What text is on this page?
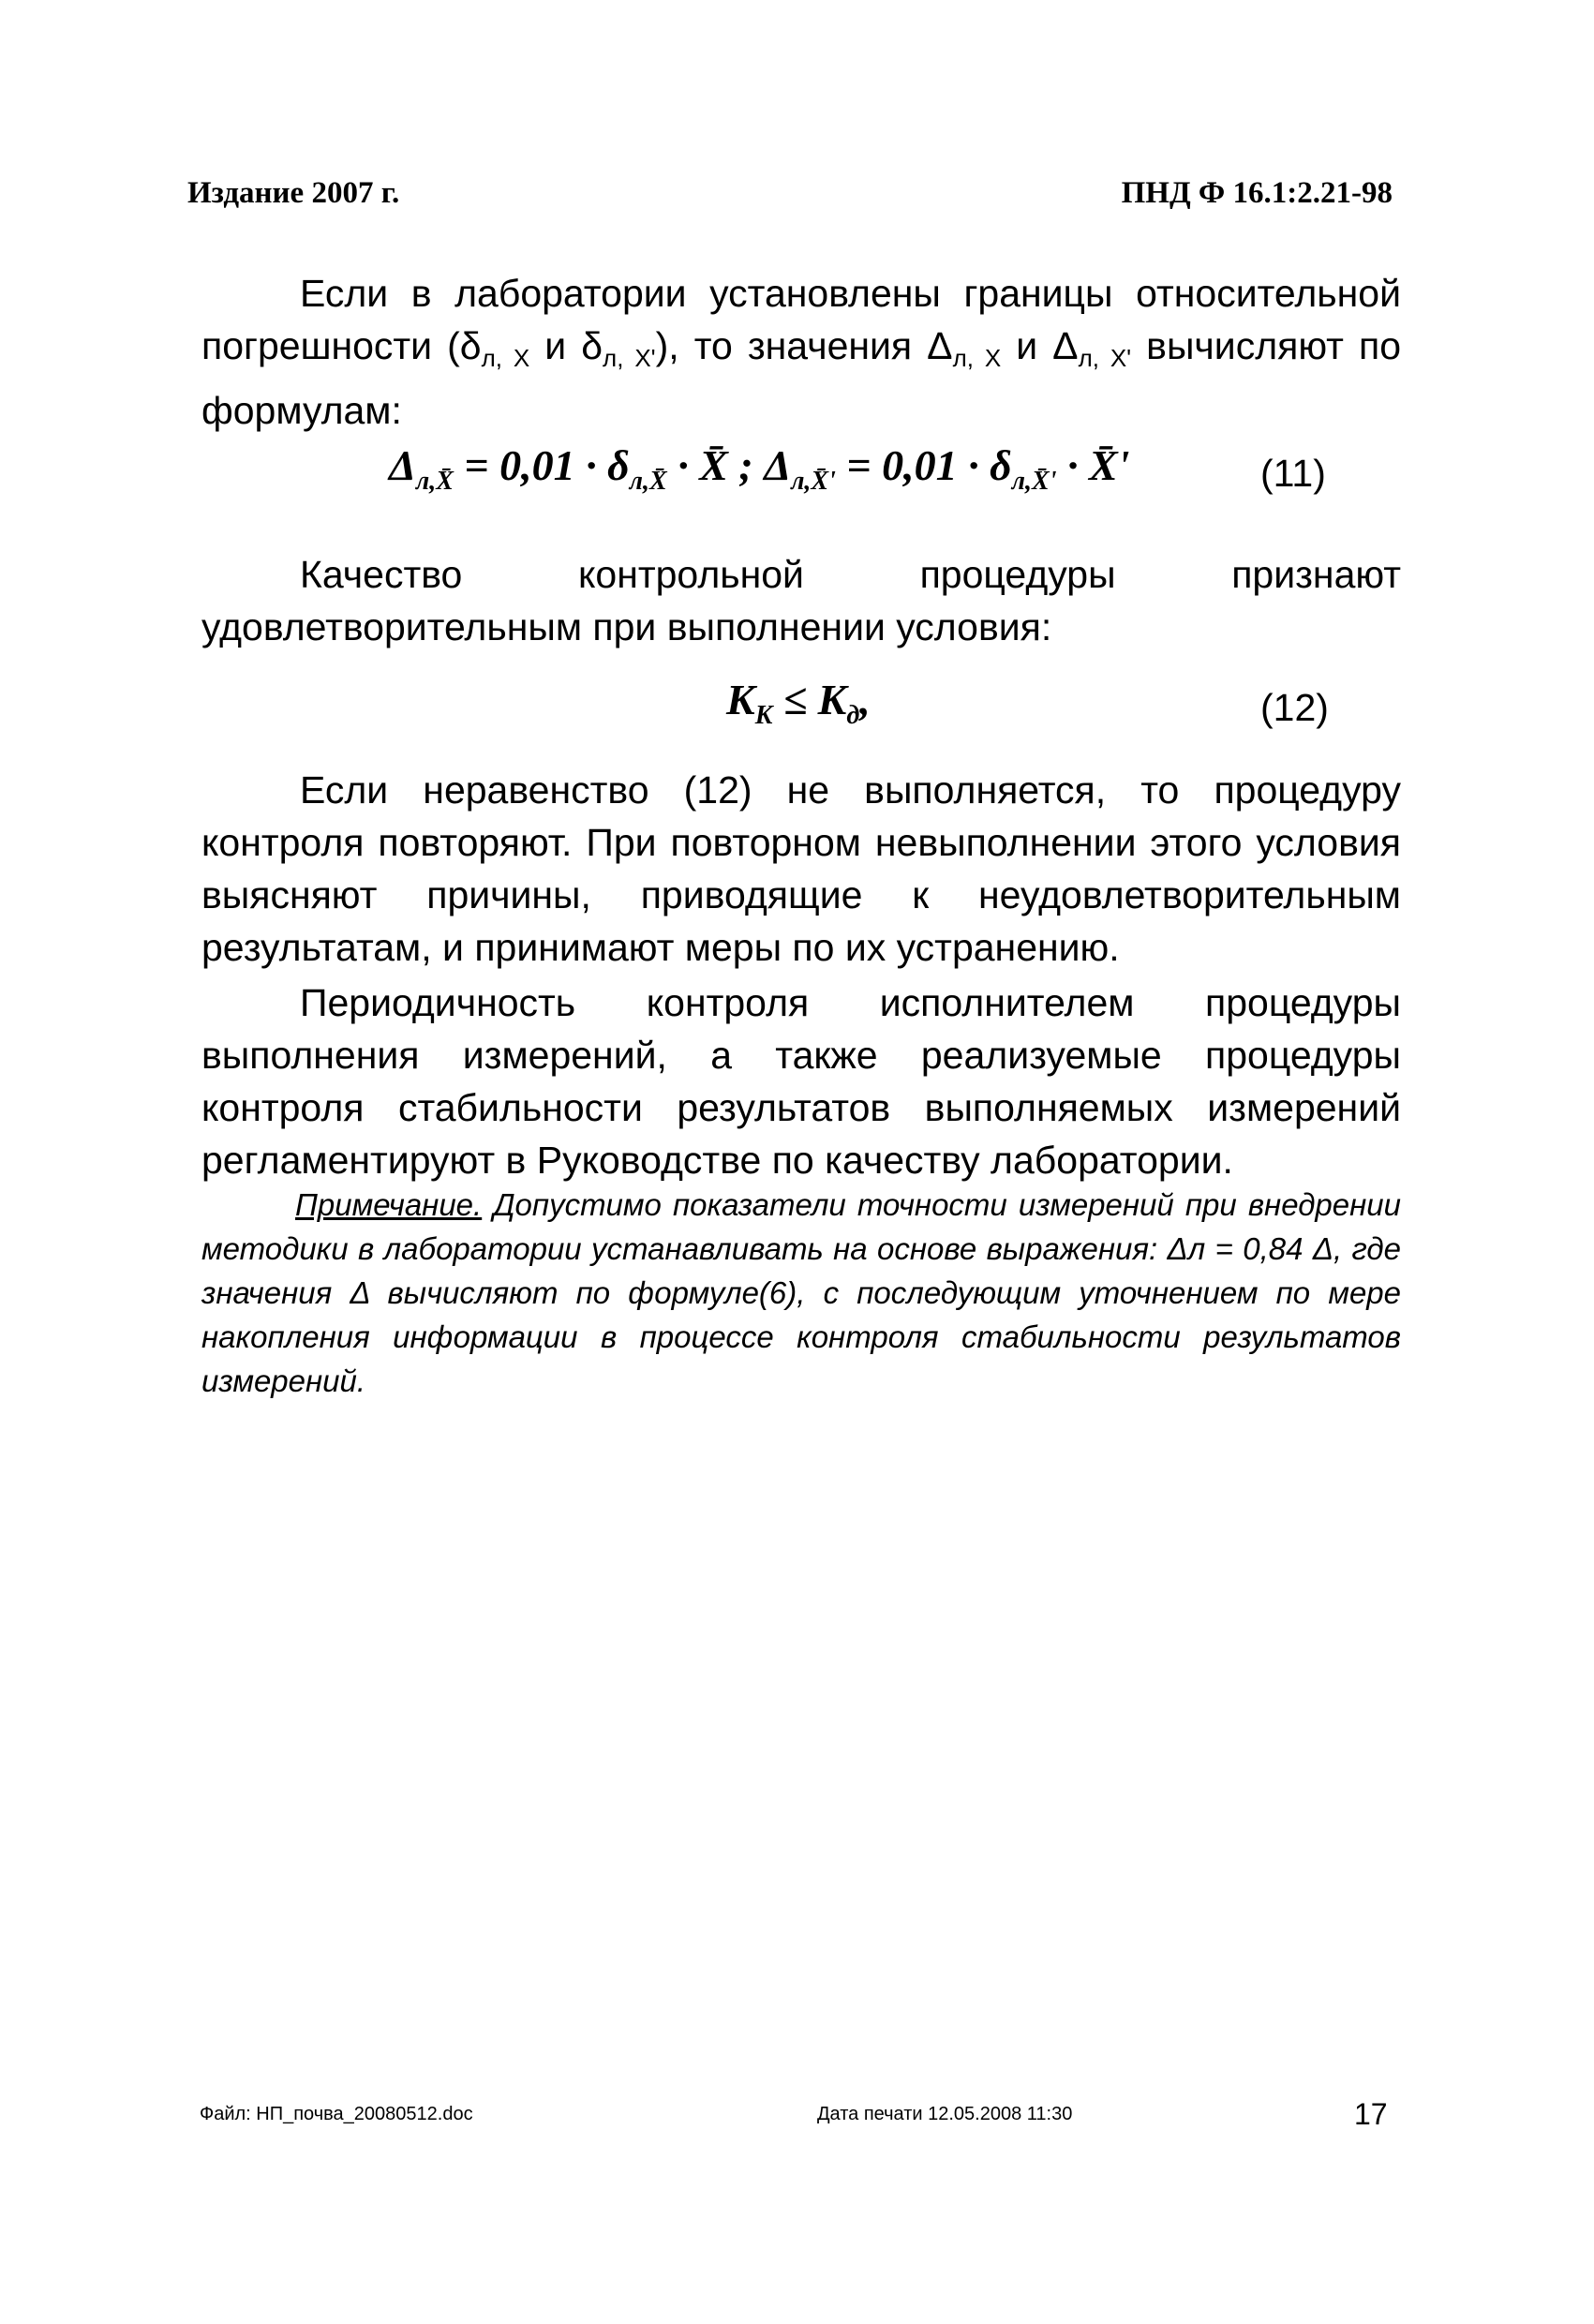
Издание 2007 г.	ПНД Ф 16.1:2.21-98

Если в лаборатории установлены границы относительной погрешности ($\delta_{л, X}$ и $\delta_{л, X'}$), то значения $\Delta_{л, X}$ и $\Delta_{л, X'}$ вычисляют по формулам:

$\Delta_{л,X̄} = 0,01 \cdot \delta_{л,X̄}$ · X̄ ; $\Delta_{л,X̄'} = 0,01 \cdot \delta_{л,X̄'}$ · X̄'	(11)

Качество контрольной процедуры признают удовлетворительным при выполнении условия:

$K_K \le K_д$,	(12)

Если неравенство (12) не выполняется, то процедуру контроля повторяют. При повторном невыполнении этого условия выясняют причины, приводящие к неудовлетворительным результатам, и принимают меры по их устранению.

Периодичность контроля исполнителем процедуры выполнения измерений, а также реализуемые процедуры контроля стабильности результатов выполняемых измерений регламентируют в Руководстве по качеству лаборатории.

Примечание. Допустимо показатели точности измерений при внедрении методики в лаборатории устанавливать на основе выражения: Δл = 0,84 Δ, где значения Δ вычисляют по формуле(6), с последующим уточнением по мере накопления информации в процессе контроля стабильности результатов измерений.
Файл: НП_почва_20080512.doc	Дата печати 12.05.2008 11:30	17
